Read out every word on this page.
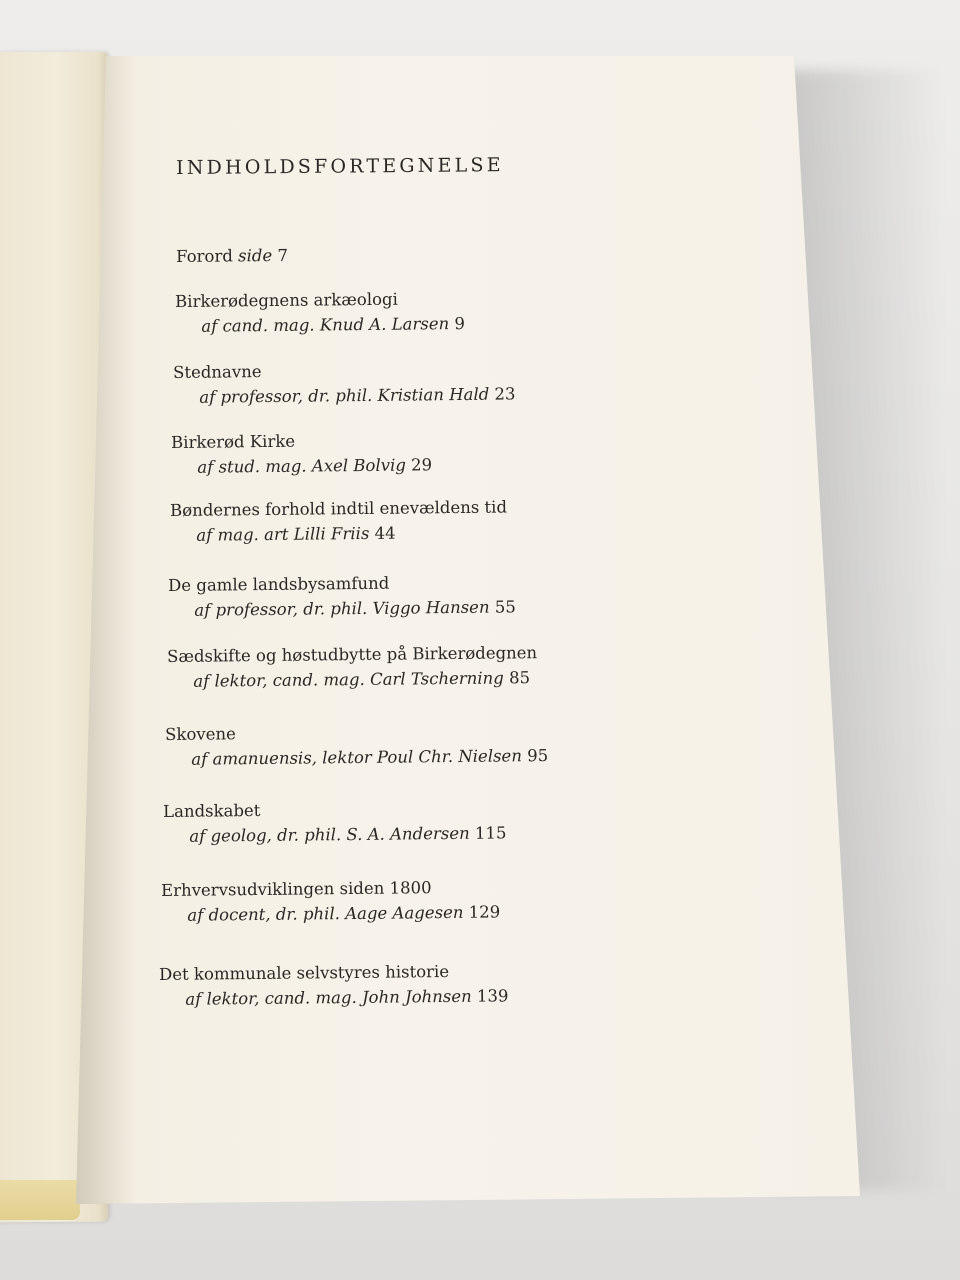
INDHOLDSFORTEGNELSE
Forord side 7
Birkerødegnens arkæologi
af cand. mag. Knud A. Larsen 9
Stednavne
af professor, dr. phil. Kristian Hald 23
Birkerød Kirke
af stud. mag. Axel Bolvig 29
Bøndernes forhold indtil enevældens tid
af mag. art Lilli Friis 44
De gamle landsbysamfund
af professor, dr. phil. Viggo Hansen 55
Sædskifte og høstudbytte på Birkerødegnen
af lektor, cand. mag. Carl Tscherning 85
Skovene
af amanuensis, lektor Poul Chr. Nielsen 95
Landskabet
af geolog, dr. phil. S. A. Andersen 115
Erhvervsudviklingen siden 1800
af docent, dr. phil. Aage Aagesen 129
Det kommunale selvstyres historie
af lektor, cand. mag. John Johnsen 139
